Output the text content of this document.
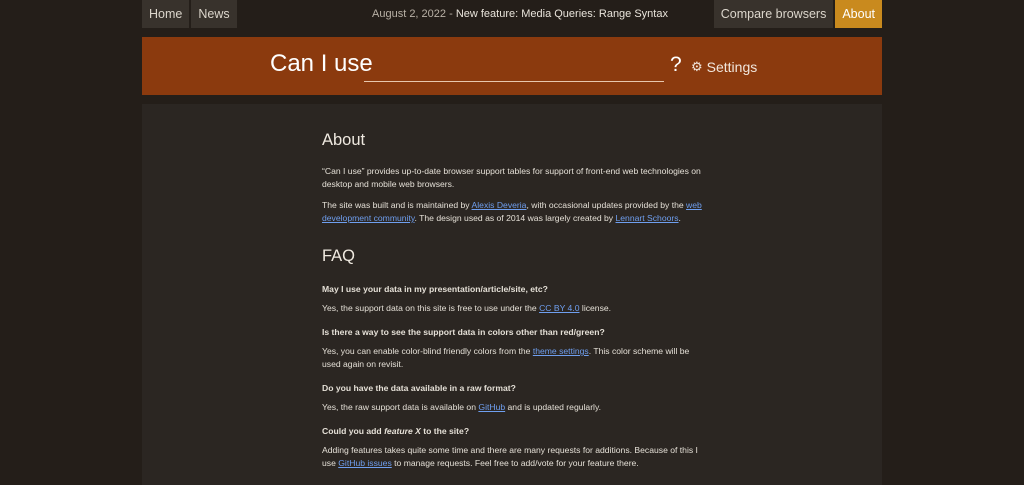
Home	News	August 2, 2022 - New feature: Media Queries: Range Syntax	Compare browsers	About
Can I use	? ⚙ Settings
About

“Can I use” provides up-to-date browser support tables for support of front-end web technologies on desktop and mobile web browsers.

The site was built and is maintained by Alexis Deveria, with occasional updates provided by the web development community. The design used as of 2014 was largely created by Lennart Schoors.

FAQ

May I use your data in my presentation/article/site, etc?

Yes, the support data on this site is free to use under the CC BY 4.0 license.

Is there a way to see the support data in colors other than red/green?

Yes, you can enable color-blind friendly colors from the theme settings. This color scheme will be used again on revisit.

Do you have the data available in a raw format?

Yes, the raw support data is available on GitHub and is updated regularly.

Could you add feature X to the site?

Adding features takes quite some time and there are many requests for additions. Because of this I use GitHub issues to manage requests. Feel free to add/vote for your feature there.
